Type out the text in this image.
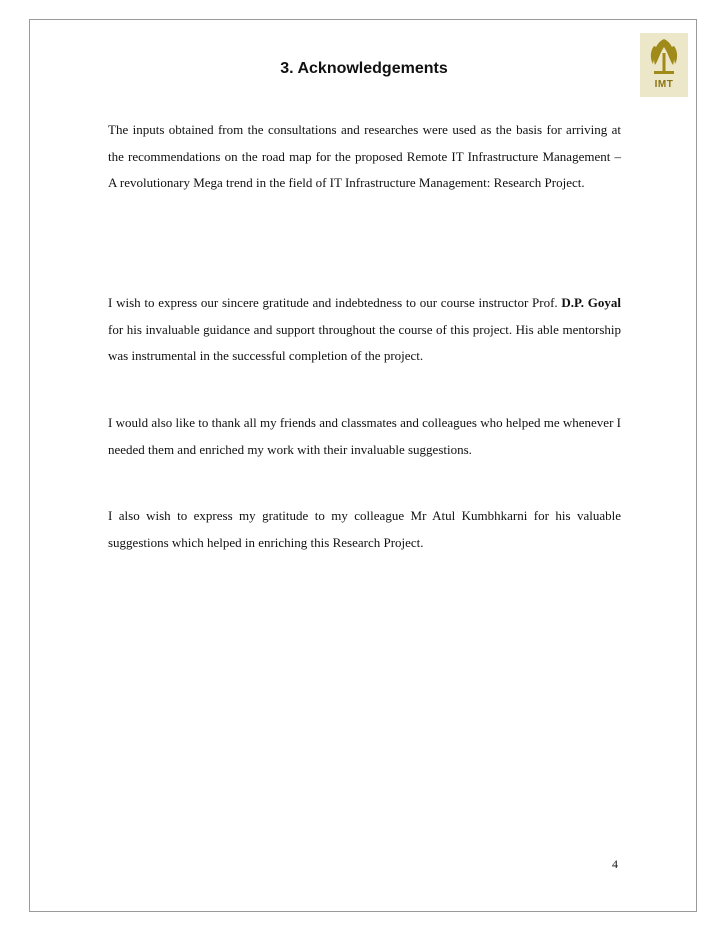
IMT
3. Acknowledgements

The inputs obtained from the consultations and researches were used as the basis for arriving at the recommendations on the road map for the proposed Remote IT Infrastructure Management – A revolutionary Mega trend in the field of IT Infrastructure Management: Research Project.

I wish to express our sincere gratitude and indebtedness to our course instructor Prof. D.P. Goyal for his invaluable guidance and support throughout the course of this project. His able mentorship was instrumental in the successful completion of the project.

I would also like to thank all my friends and classmates and colleagues who helped me whenever I needed them and enriched my work with their invaluable suggestions.

I also wish to express my gratitude to my colleague Mr Atul Kumbhkarni for his valuable suggestions which helped in enriching this Research Project.

4
